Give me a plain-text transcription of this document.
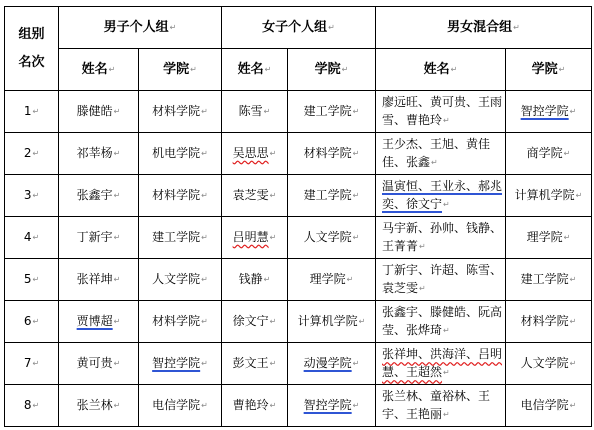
组别
名次	男子个人组↵		女子个人组↵		男女混合组↵	
	姓名↵	学院↵	姓名↵	学院↵	姓名↵	学院↵
1↵	滕健皓↵	材料学院↵	陈雪↵	建工学院↵	廖远旺、黄可贵、王雨雪、曹艳玲↵	智控学院↵
2↵	祁莘杨↵	机电学院↵	吴思思↵	材料学院↵	王少杰、王旭、黄佳佳、张鑫↵	商学院↵
3↵	张鑫宇↵	材料学院↵	袁芝雯↵	建工学院↵	温寅恒、王业永、郝兆奕、徐文宁↵	计算机学院↵
4↵	丁新宇↵	建工学院↵	吕明慧↵	人文学院↵	马宇新、孙帅、钱静、王菁菁↵	理学院↵
5↵	张祥坤↵	人文学院↵	钱静↵	理学院↵	丁新宇、许超、陈雪、袁芝雯↵	建工学院↵
6↵	贾博超↵	材料学院↵	徐文宁↵	计算机学院↵	张鑫宇、滕健皓、阮高莹、张烨琦↵	材料学院↵
7↵	黄可贵↵	智控学院↵	彭文王↵	动漫学院↵	张祥坤、洪海洋、吕明慧、王超然↵	人文学院↵
8↵	张兰林↵	电信学院↵	曹艳玲↵	智控学院↵	张兰林、童裕林、王宇、王艳丽↵	电信学院↵
